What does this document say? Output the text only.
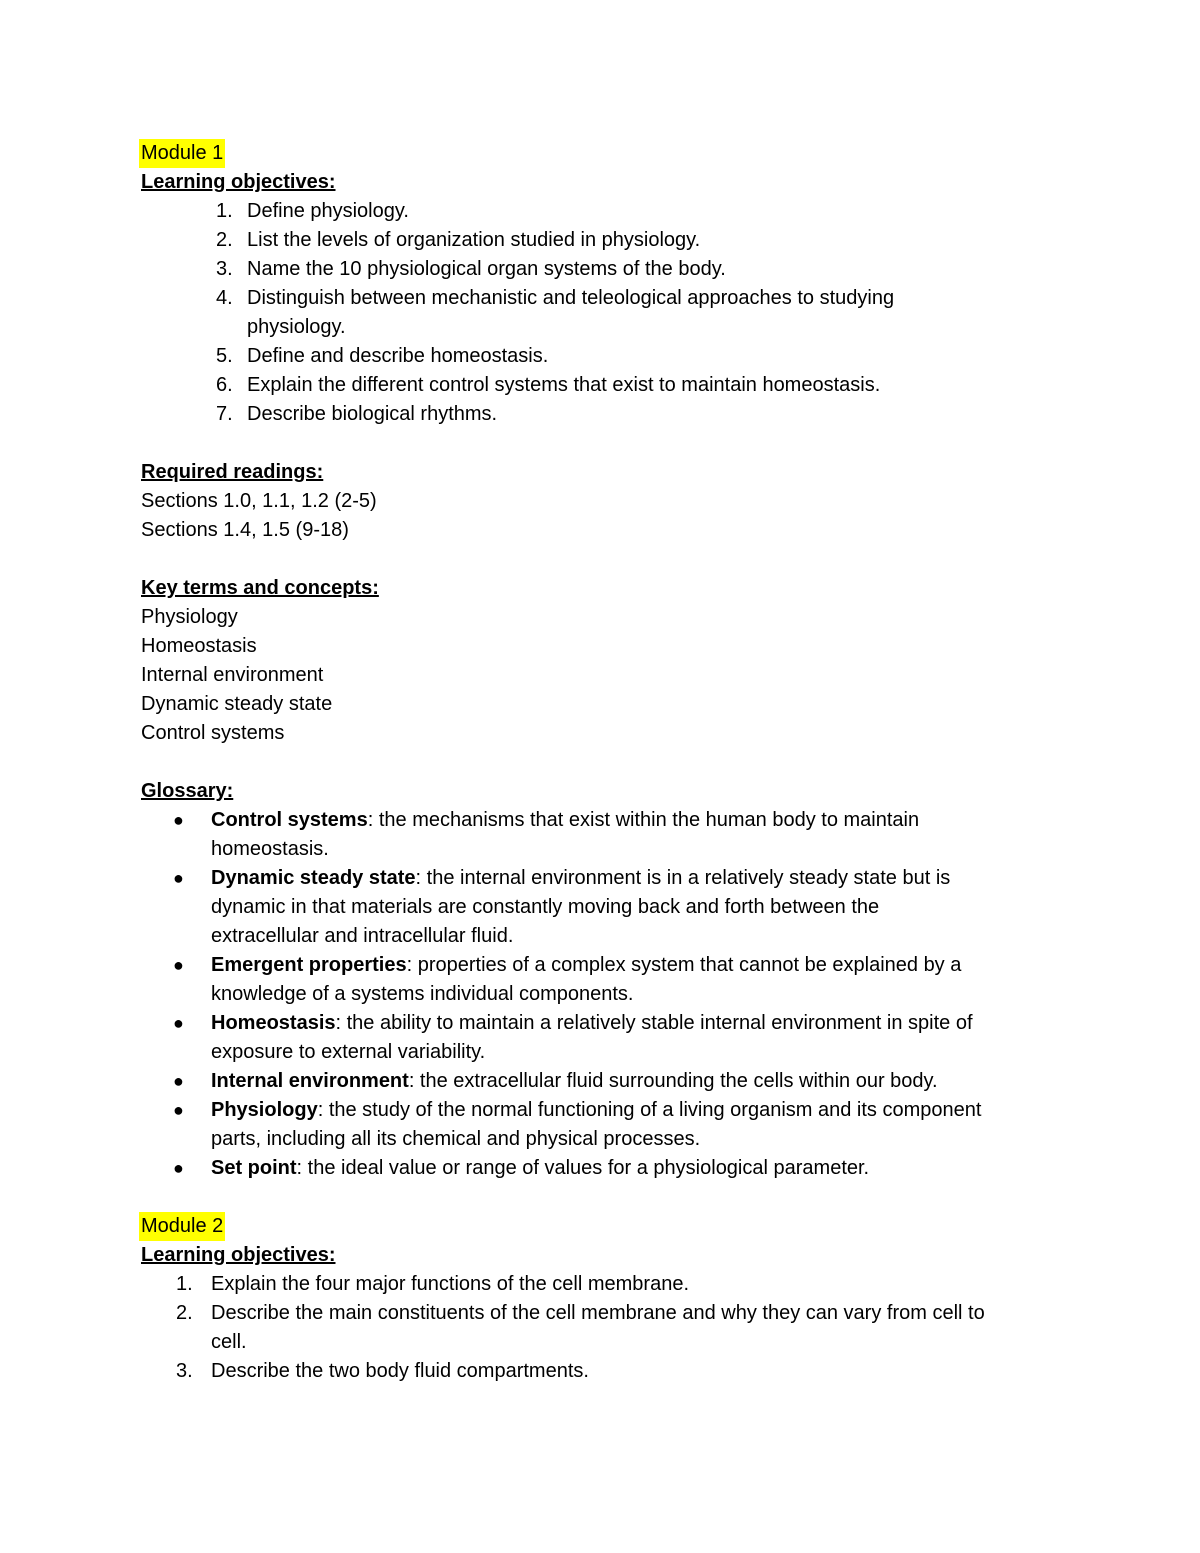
Module 1
Learning objectives:
1. Define physiology.
2. List the levels of organization studied in physiology.
3. Name the 10 physiological organ systems of the body.
4. Distinguish between mechanistic and teleological approaches to studying
physiology.
5. Define and describe homeostasis.
6. Explain the different control systems that exist to maintain homeostasis.
7. Describe biological rhythms.
Required readings:
Sections 1.0, 1.1, 1.2 (2-5)
Sections 1.4, 1.5 (9-18)
Key terms and concepts:
Physiology
Homeostasis
Internal environment
Dynamic steady state
Control systems
Glossary:
● Control systems: the mechanisms that exist within the human body to maintain
homeostasis.
● Dynamic steady state: the internal environment is in a relatively steady state but is
dynamic in that materials are constantly moving back and forth between the
extracellular and intracellular fluid.
● Emergent properties: properties of a complex system that cannot be explained by a
knowledge of a systems individual components.
● Homeostasis: the ability to maintain a relatively stable internal environment in spite of
exposure to external variability.
● Internal environment: the extracellular fluid surrounding the cells within our body.
● Physiology: the study of the normal functioning of a living organism and its component
parts, including all its chemical and physical processes.
● Set point: the ideal value or range of values for a physiological parameter.
Module 2
Learning objectives:
1. Explain the four major functions of the cell membrane.
2. Describe the main constituents of the cell membrane and why they can vary from cell to
cell.
3. Describe the two body fluid compartments.
